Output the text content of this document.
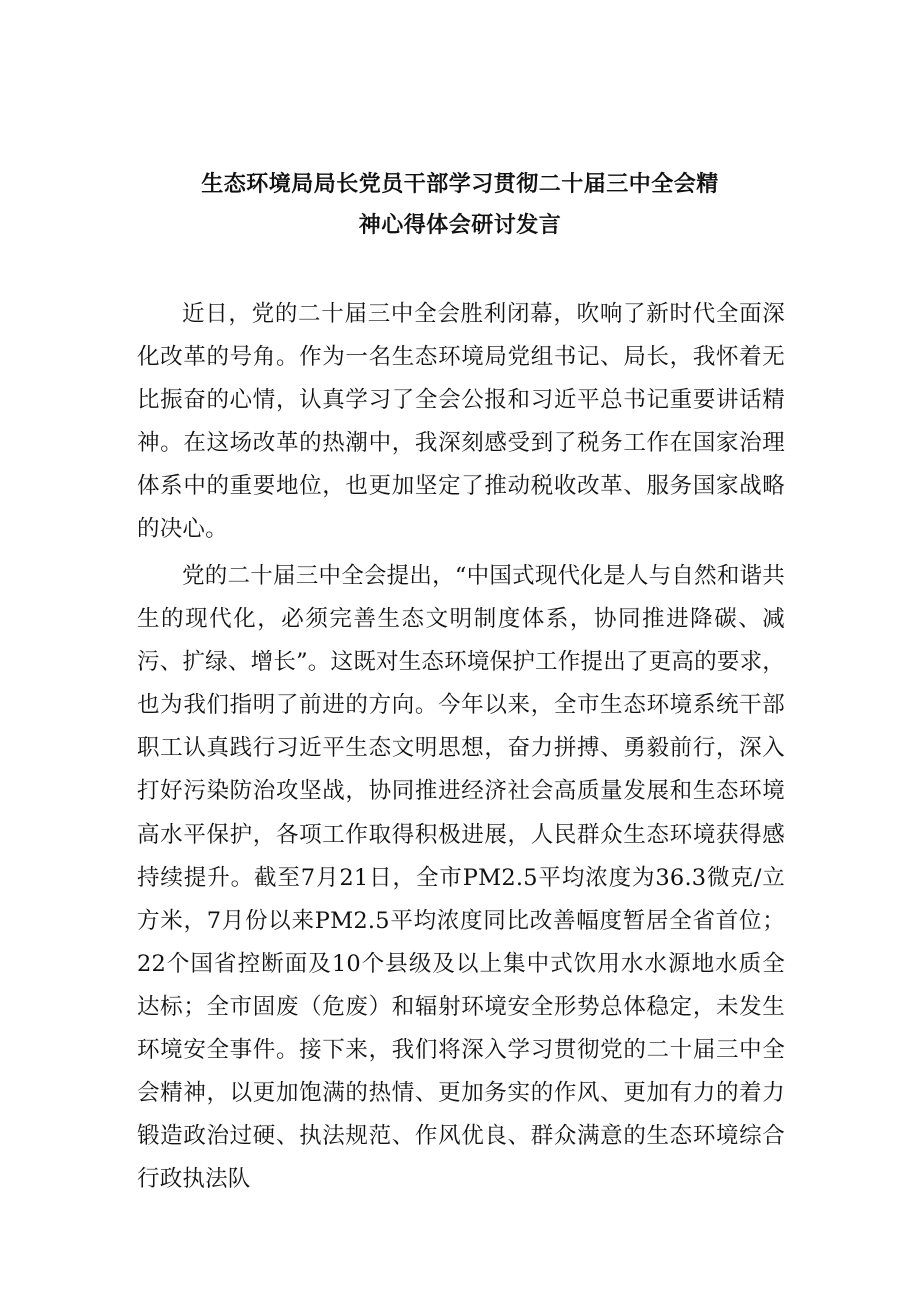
生态环境局局长党员干部学习贯彻二十届三中全会精
神心得体会研讨发言

近日，党的二十届三中全会胜利闭幕，吹响了新时代全面深化改革的号角。作为一名生态环境局党组书记、局长，我怀着无比振奋的心情，认真学习了全会公报和习近平总书记重要讲话精神。在这场改革的热潮中，我深刻感受到了税务工作在国家治理体系中的重要地位，也更加坚定了推动税收改革、服务国家战略的决心。

党的二十届三中全会提出，“中国式现代化是人与自然和谐共生的现代化，必须完善生态文明制度体系，协同推进降碳、减污、扩绿、增长”。这既对生态环境保护工作提出了更高的要求，也为我们指明了前进的方向。今年以来，全市生态环境系统干部职工认真践行习近平生态文明思想，奋力拼搏、勇毅前行，深入打好污染防治攻坚战，协同推进经济社会高质量发展和生态环境高水平保护，各项工作取得积极进展，人民群众生态环境获得感持续提升。截至7月21日，全市PM2.5平均浓度为36.3微克/立方米，7月份以来PM2.5平均浓度同比改善幅度暂居全省首位；22个国省控断面及10个县级及以上集中式饮用水水源地水质全达标；全市固废（危废）和辐射环境安全形势总体稳定，未发生环境安全事件。接下来，我们将深入学习贯彻党的二十届三中全会精神，以更加饱满的热情、更加务实的作风、更加有力的着力锻造政治过硬、执法规范、作风优良、群众满意的生态环境综合行政执法队
